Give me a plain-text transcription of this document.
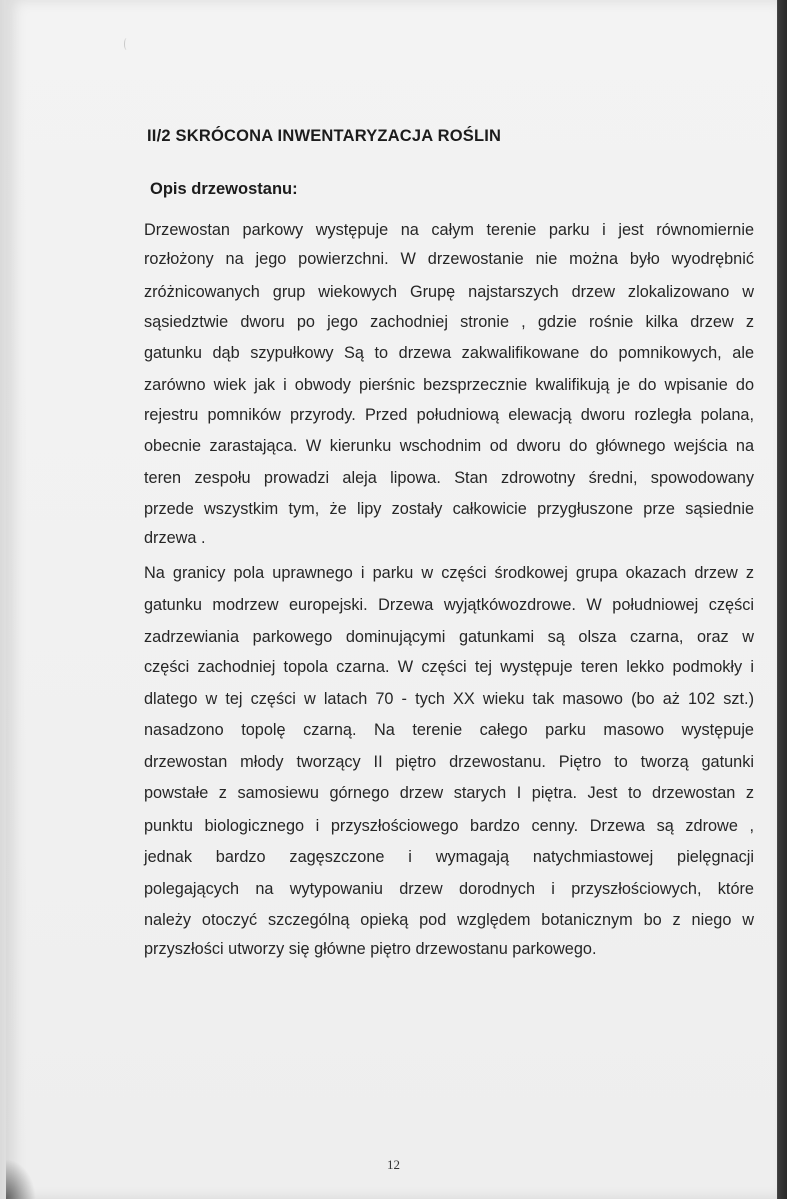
II/2 SKRÓCONA INWENTARYZACJA ROŚLIN
Opis drzewostanu:
Drzewostan parkowy występuje na całym terenie parku i jest równomiernie
rozłożony na jego powierzchni. W drzewostanie nie można było wyodrębnić
zróżnicowanych grup wiekowych Grupę najstarszych drzew zlokalizowano w
sąsiedztwie dworu po jego zachodniej stronie , gdzie rośnie kilka drzew z
gatunku dąb szypułkowy Są to drzewa zakwalifikowane do pomnikowych, ale
zarówno wiek jak i obwody pierśnic bezsprzecznie kwalifikują je do wpisanie do
rejestru pomników przyrody. Przed południową elewacją dworu rozległa polana,
obecnie zarastająca. W kierunku wschodnim od dworu do głównego wejścia na
teren zespołu prowadzi aleja lipowa. Stan zdrowotny średni, spowodowany
przede wszystkim tym, że lipy zostały całkowicie przygłuszone prze sąsiednie
drzewa .
Na granicy pola uprawnego i parku w części środkowej grupa okazach drzew z
gatunku modrzew europejski. Drzewa wyjątkówozdrowe. W południowej części
zadrzewiania parkowego dominującymi gatunkami są olsza czarna, oraz w
części zachodniej topola czarna. W części tej występuje teren lekko podmokły i
dlatego w tej części w latach 70 - tych XX wieku tak masowo (bo aż 102 szt.)
nasadzono topolę czarną. Na terenie całego parku masowo występuje
drzewostan młody tworzący II piętro drzewostanu. Piętro to tworzą gatunki
powstałe z samosiewu górnego drzew starych I piętra. Jest to drzewostan z
punktu biologicznego i przyszłościowego bardzo cenny. Drzewa są zdrowe ,
jednak bardzo zagęszczone i wymagają natychmiastowej pielęgnacji
polegających na wytypowaniu drzew dorodnych i przyszłościowych, które
należy otoczyć szczególną opieką pod względem botanicznym bo z niego w
przyszłości utworzy się główne piętro drzewostanu parkowego.
12
